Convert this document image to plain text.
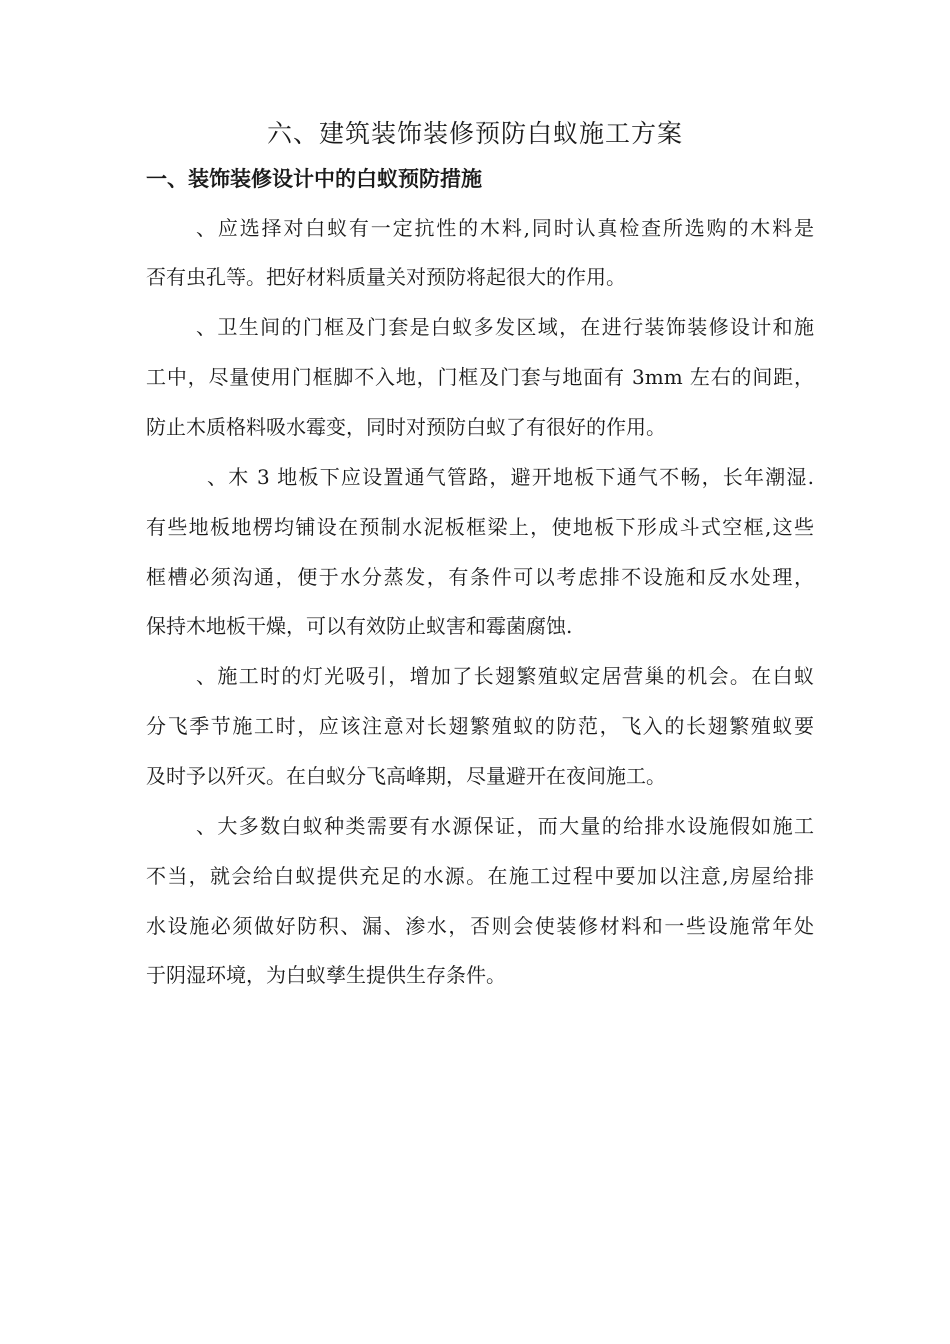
六、建筑装饰装修预防白蚁施工方案
一、装饰装修设计中的白蚁预防措施
、应选择对白蚁有一定抗性的木料,同时认真检查所选购的木料是
否有虫孔等。把好材料质量关对预防将起很大的作用。
、卫生间的门框及门套是白蚁多发区域，在进行装饰装修设计和施
工中，尽量使用门框脚不入地，门框及门套与地面有 3mm 左右的间距，
防止木质格料吸水霉变，同时对预防白蚁了有很好的作用。
、木 3 地板下应设置通气管路，避开地板下通气不畅，长年潮湿.
有些地板地楞均铺设在预制水泥板框梁上，使地板下形成斗式空框,这些
框槽必须沟通，便于水分蒸发，有条件可以考虑排不设施和反水处理，
保持木地板干燥，可以有效防止蚁害和霉菌腐蚀.
、施工时的灯光吸引，增加了长翅繁殖蚁定居营巢的机会。在白蚁
分飞季节施工时，应该注意对长翅繁殖蚁的防范，飞入的长翅繁殖蚁要
及时予以歼灭。在白蚁分飞高峰期，尽量避开在夜间施工。
、大多数白蚁种类需要有水源保证，而大量的给排水设施假如施工
不当，就会给白蚁提供充足的水源。在施工过程中要加以注意,房屋给排
水设施必须做好防积、漏、渗水，否则会使装修材料和一些设施常年处
于阴湿环境，为白蚁孳生提供生存条件。
